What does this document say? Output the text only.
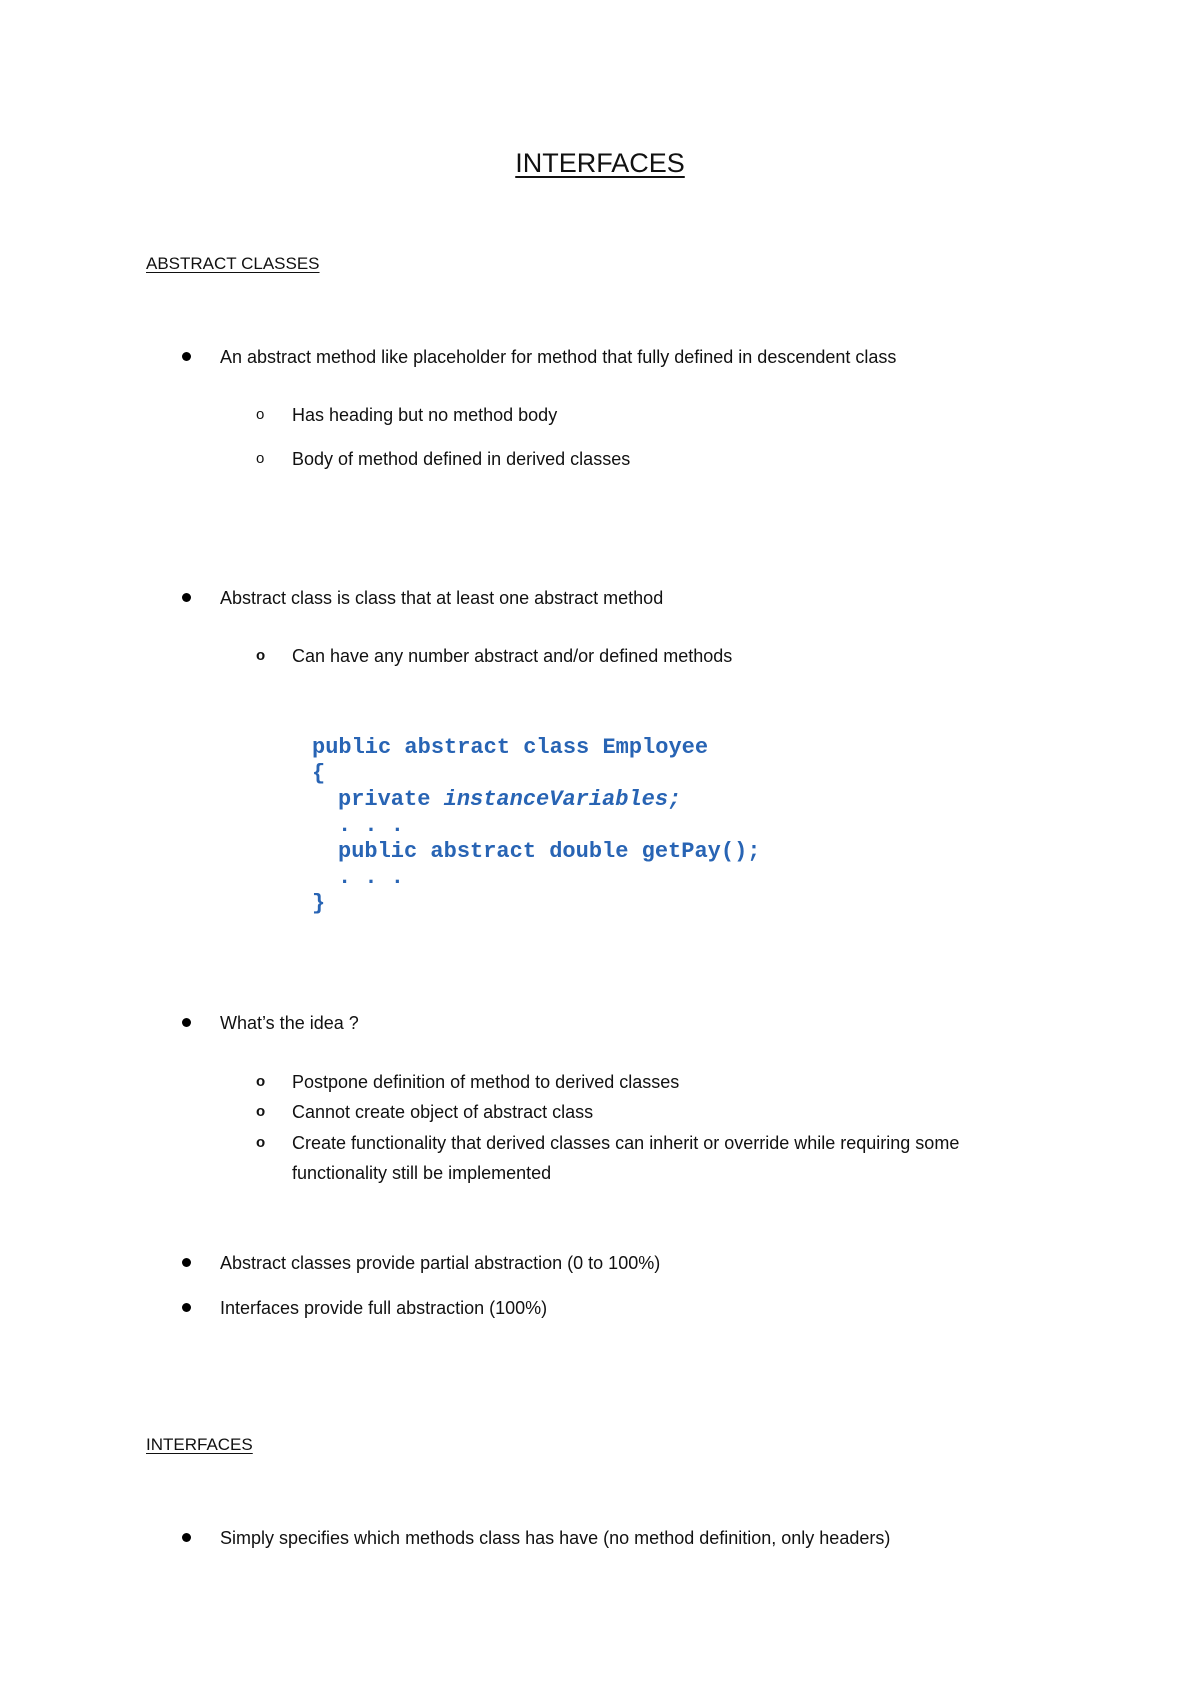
INTERFACES
ABSTRACT CLASSES
An abstract method like placeholder for method that fully defined in descendent class
o	Has heading but no method body
o	Body of method defined in derived classes
Abstract class is class that at least one abstract method
o Can have any number abstract and/or defined methods
public abstract class Employee
{
private instanceVariables;
. . .
public abstract double getPay();
. . .
}
What’s the idea ?
o Postpone definition of method to derived classes
o Cannot create object of abstract class
o Create functionality that derived classes can inherit or override while requiring some
functionality still be implemented
Abstract classes provide partial abstraction (0 to 100%)
Interfaces provide full abstraction (100%)
INTERFACES
Simply specifies which methods class has have (no method definition, only headers)
